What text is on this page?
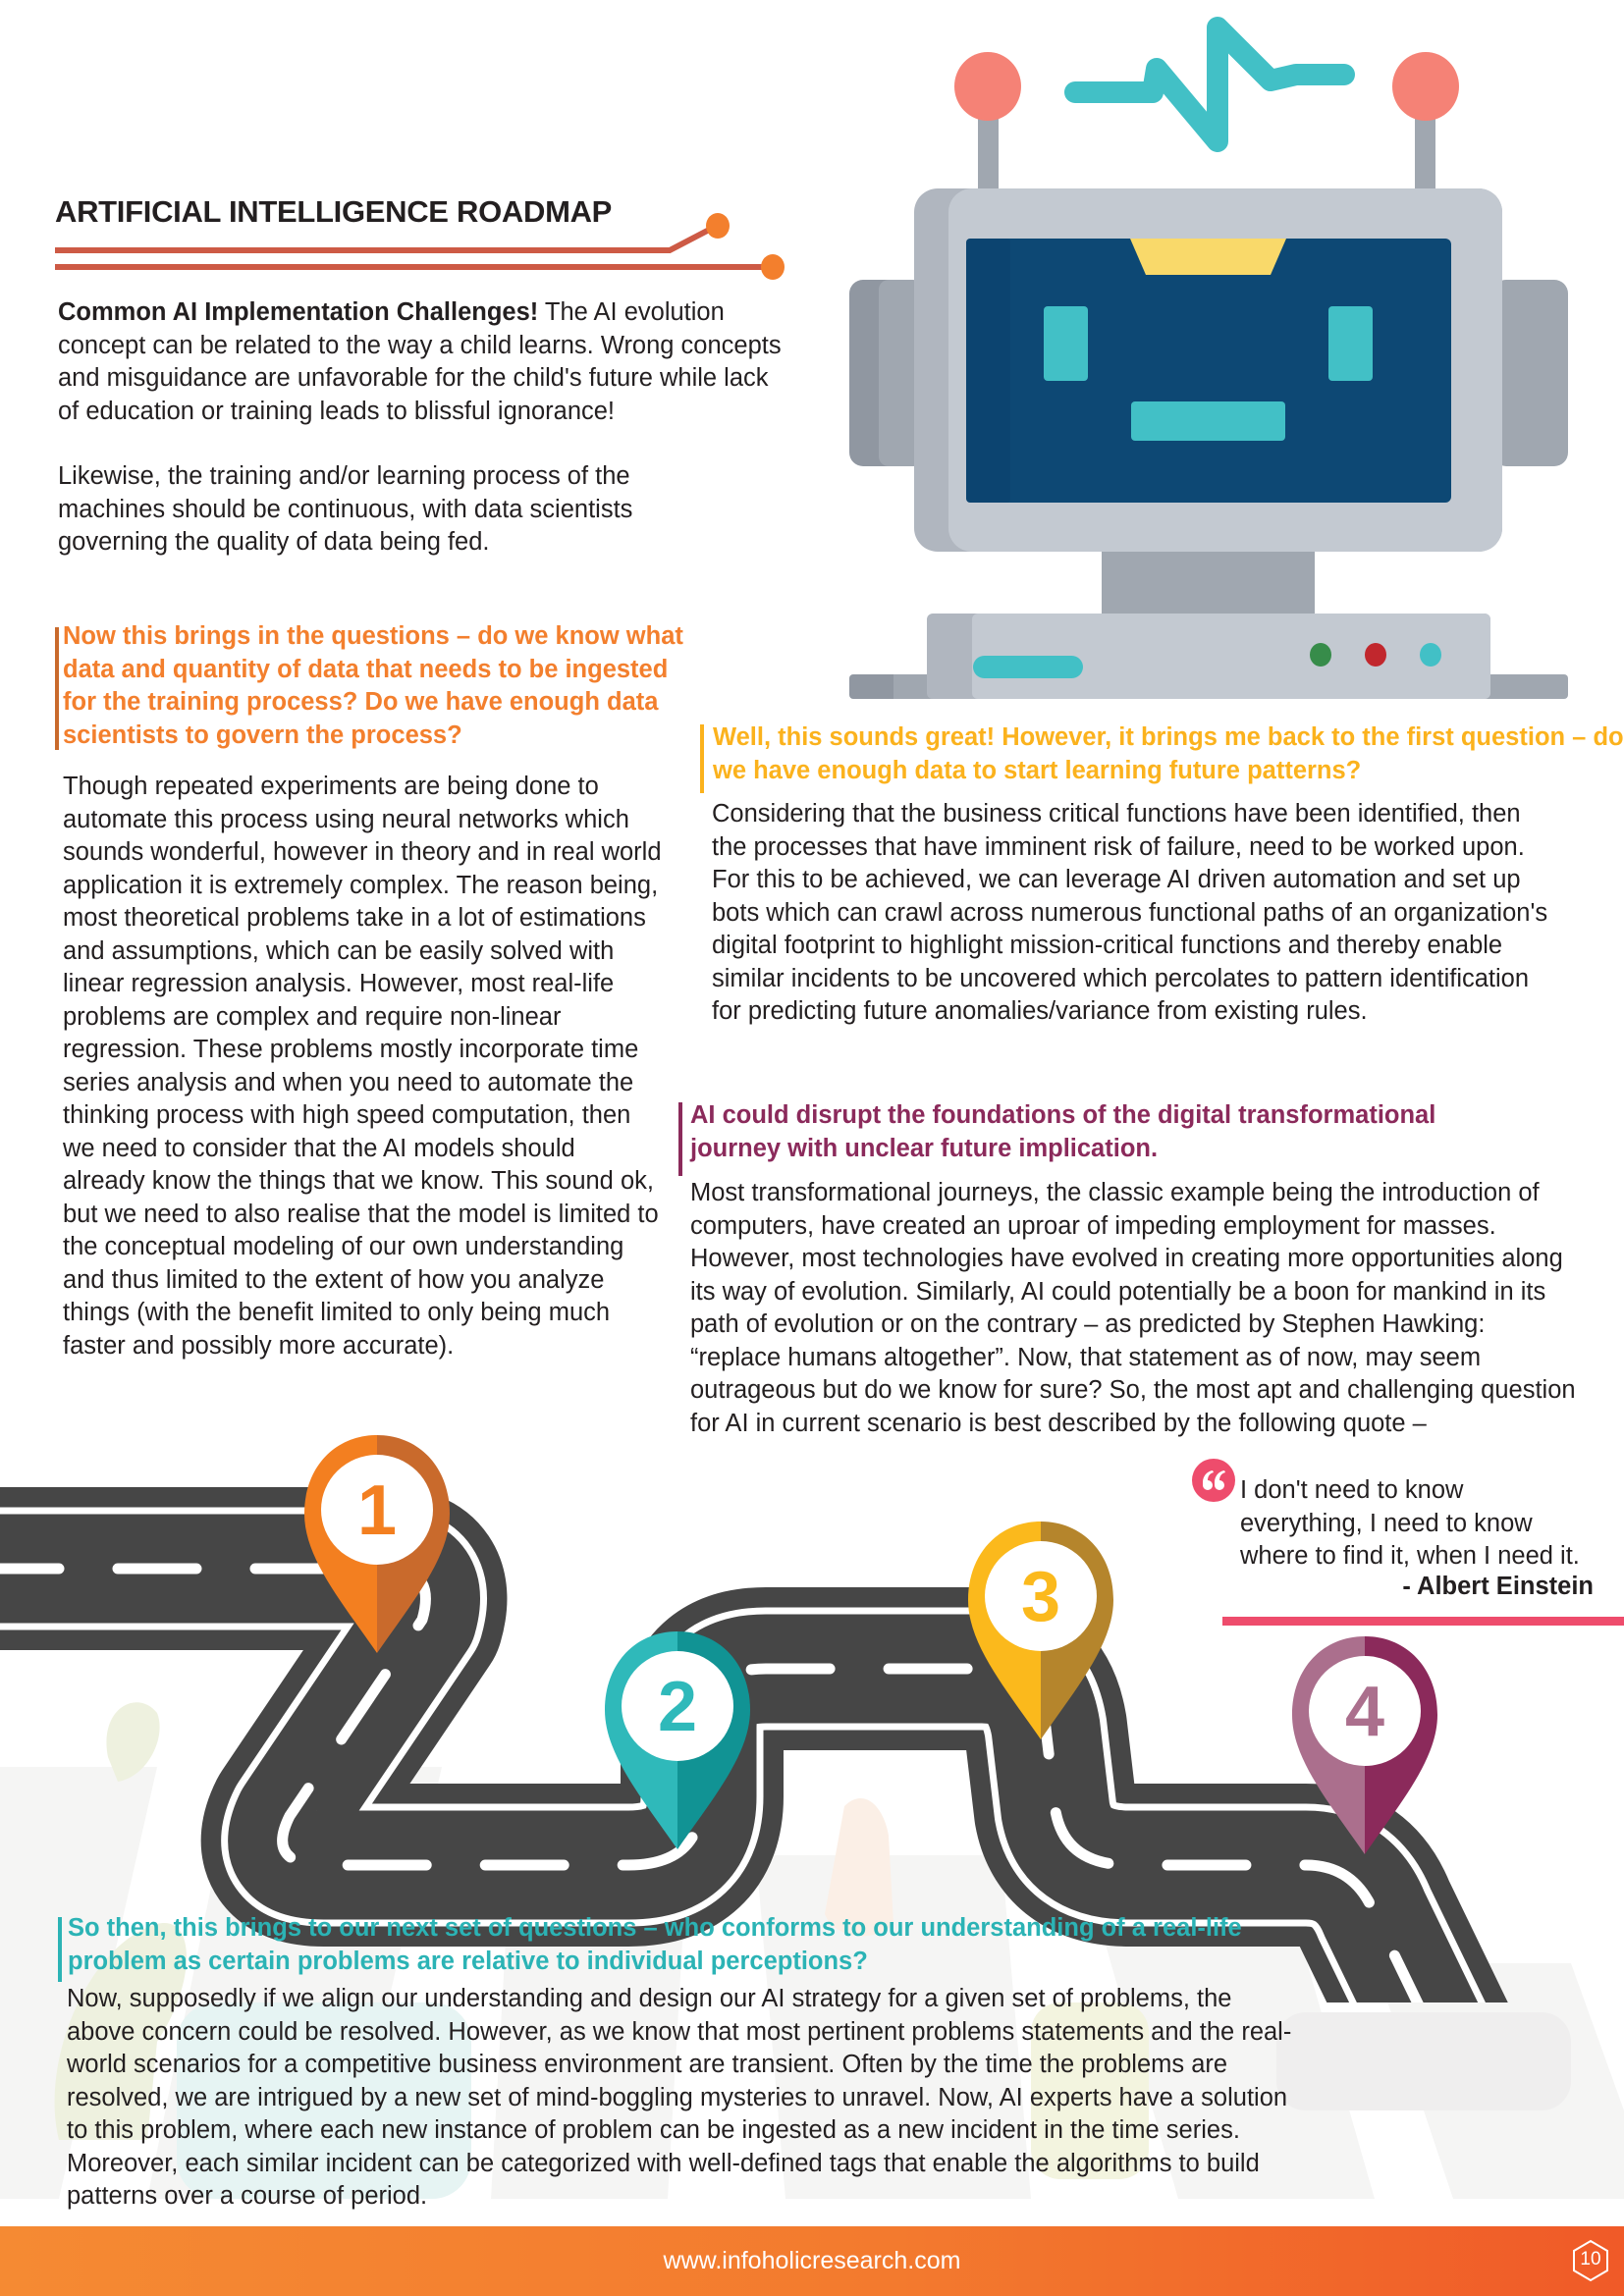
ARTIFICIAL INTELLIGENCE ROADMAP

Common AI Implementation Challenges! The AI evolution concept can be related to the way a child learns. Wrong concepts and misguidance are unfavorable for the child's future while lack of education or training leads to blissful ignorance!

Likewise, the training and/or learning process of the machines should be continuous, with data scientists governing the quality of data being fed.

Now this brings in the questions – do we know what data and quantity of data that needs to be ingested for the training process? Do we have enough data scientists to govern the process?

Though repeated experiments are being done to automate this process using neural networks which sounds wonderful, however in theory and in real world application it is extremely complex. The reason being, most theoretical problems take in a lot of estimations and assumptions, which can be easily solved with linear regression analysis. However, most real-life problems are complex and require non-linear regression. These problems mostly incorporate time series analysis and when you need to automate the thinking process with high speed computation, then we need to consider that the AI models should already know the things that we know. This sound ok, but we need to also realise that the model is limited to the conceptual modeling of our own understanding and thus limited to the extent of how you analyze things (with the benefit limited to only being much faster and possibly more accurate).

Well, this sounds great! However, it brings me back to the first question – do we have enough data to start learning future patterns?

Considering that the business critical functions have been identified, then the processes that have imminent risk of failure, need to be worked upon. For this to be achieved, we can leverage AI driven automation and set up bots which can crawl across numerous functional paths of an organization's digital footprint to highlight mission-critical functions and thereby enable similar incidents to be uncovered which percolates to pattern identification for predicting future anomalies/variance from existing rules.

AI could disrupt the foundations of the digital transformational journey with unclear future implication.

Most transformational journeys, the classic example being the introduction of computers, have created an uproar of impeding employment for masses. However, most technologies have evolved in creating more opportunities along its way of evolution. Similarly, AI could potentially be a boon for mankind in its path of evolution or on the contrary – as predicted by Stephen Hawking: “replace humans altogether”. Now, that statement as of now, may seem outrageous but do we know for sure? So, the most apt and challenging question for AI in current scenario is best described by the following quote –

I don't need to know everything, I need to know where to find it, when I need it.
- Albert Einstein
1
2
3
4
So then, this brings to our next set of questions – who conforms to our understanding of a real-life problem as certain problems are relative to individual perceptions?

Now, supposedly if we align our understanding and design our AI strategy for a given set of problems, the above concern could be resolved. However, as we know that most pertinent problems statements and the real-world scenarios for a competitive business environment are transient. Often by the time the problems are resolved, we are intrigued by a new set of mind-boggling mysteries to unravel. Now, AI experts have a solution to this problem, where each new instance of problem can be ingested as a new incident in the time series. Moreover, each similar incident can be categorized with well-defined tags that enable the algorithms to build patterns over a course of period.

www.infoholicresearch.com	10
